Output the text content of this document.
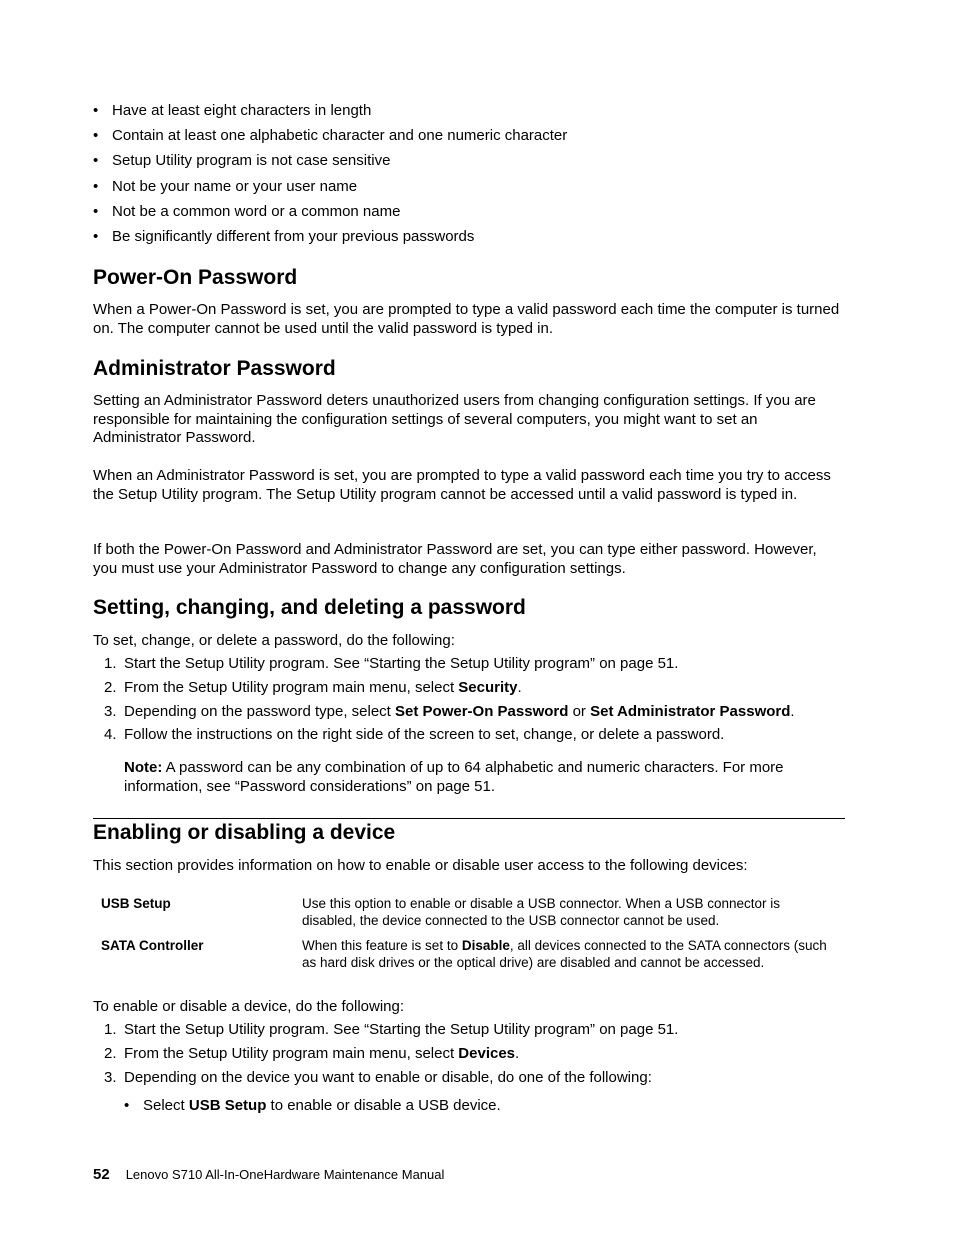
• Have at least eight characters in length
• Contain at least one alphabetic character and one numeric character
• Setup Utility program is not case sensitive
• Not be your name or your user name
• Not be a common word or a common name
• Be significantly different from your previous passwords
Power-On Password

When a Power-On Password is set, you are prompted to type a valid password each time the computer is turned on. The computer cannot be used until the valid password is typed in.

Administrator Password

Setting an Administrator Password deters unauthorized users from changing configuration settings. If you are responsible for maintaining the configuration settings of several computers, you might want to set an Administrator Password.

When an Administrator Password is set, you are prompted to type a valid password each time you try to access the Setup Utility program. The Setup Utility program cannot be accessed until a valid password is typed in.

If both the Power-On Password and Administrator Password are set, you can type either password. However, you must use your Administrator Password to change any configuration settings.

Setting, changing, and deleting a password

To set, change, or delete a password, do the following:

1. Start the Setup Utility program. See “Starting the Setup Utility program” on page 51.
2. From the Setup Utility program main menu, select Security.
3. Depending on the password type, select Set Power-On Password or Set Administrator Password.
4. Follow the instructions on the right side of the screen to set, change, or delete a password.

Note: A password can be any combination of up to 64 alphabetic and numeric characters. For more information, see “Password considerations” on page 51.

Enabling or disabling a device

This section provides information on how to enable or disable user access to the following devices:

USB Setup	Use this option to enable or disable a USB connector. When a USB connector is disabled, the device connected to the USB connector cannot be used.
SATA Controller	When this feature is set to Disable, all devices connected to the SATA connectors (such as hard disk drives or the optical drive) are disabled and cannot be accessed.

To enable or disable a device, do the following:

1. Start the Setup Utility program. See “Starting the Setup Utility program” on page 51.
2. From the Setup Utility program main menu, select Devices.
3. Depending on the device you want to enable or disable, do one of the following:
• Select USB Setup to enable or disable a USB device.
52 Lenovo S710 All-In-OneHardware Maintenance Manual
